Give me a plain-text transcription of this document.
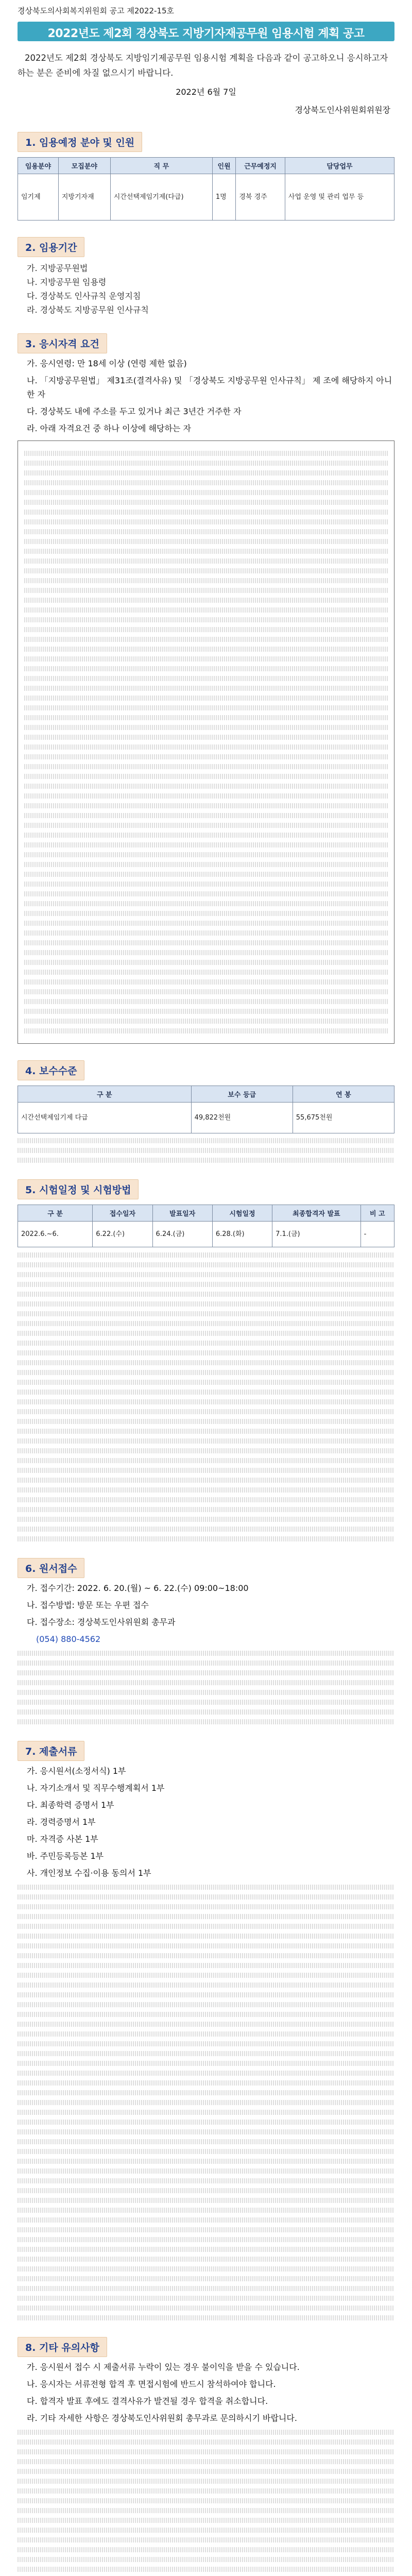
경상북도의사회복지위원회 공고 제2022-15호
2022년도 제2회 경상북도 지방기자재공무원 임용시험 계획 공고
2022년도 제2회 경상북도 지방임기제공무원 임용시험 계획을 다음과 같이 공고하오니 응시하고자 하는 분은 준비에 차질 없으시기 바랍니다.
2022년 6월 7일
경상북도인사위원회위원장
1. 임용예정 분야 및 인원
임용분야	모집분야	직 무	인원	근무예정지	담당업무
임기제	지방기자재	시간선택제임기제(다급)	1명	경북 경주	사업 운영 및 관리 업무 등
2. 임용기간
가. 지방공무원법
나. 지방공무원 임용령
다. 경상북도 인사규칙 운영지침
라. 경상북도 지방공무원 인사규칙
3. 응시자격 요건
가. 응시연령: 만 18세 이상 (연령 제한 없음)
나. 「지방공무원법」 제31조(결격사유) 및 「경상북도 지방공무원 인사규칙」 제 조에 해당하지 아니한 자
다. 경상북도 내에 주소를 두고 있거나 최근 3년간 거주한 자
라. 아래 자격요건 중 하나 이상에 해당하는 자
4. 보수수준
구 분	보수 등급	연 봉
시간선택제임기제 다급	49,822천원	55,675천원
5. 시험일정 및 시험방법
구 분	접수일자	발표일자	시험일정	최종합격자 발표	비 고
2022.6.~6.	6.22.(수)	6.24.(금)	6.28.(화)	7.1.(금)	-
6. 원서접수
가. 접수기간: 2022. 6. 20.(월) ~ 6. 22.(수) 09:00~18:00
나. 접수방법: 방문 또는 우편 접수
다. 접수장소: 경상북도인사위원회 총무과
(054) 880-4562
7. 제출서류
가. 응시원서(소정서식) 1부
나. 자기소개서 및 직무수행계획서 1부
다. 최종학력 증명서 1부
라. 경력증명서 1부
마. 자격증 사본 1부
바. 주민등록등본 1부
사. 개인정보 수집·이용 동의서 1부
8. 기타 유의사항
가. 응시원서 접수 시 제출서류 누락이 있는 경우 불이익을 받을 수 있습니다.
나. 응시자는 서류전형 합격 후 면접시험에 반드시 참석하여야 합니다.
다. 합격자 발표 후에도 결격사유가 발견될 경우 합격을 취소합니다.
라. 기타 자세한 사항은 경상북도인사위원회 총무과로 문의하시기 바랍니다.
